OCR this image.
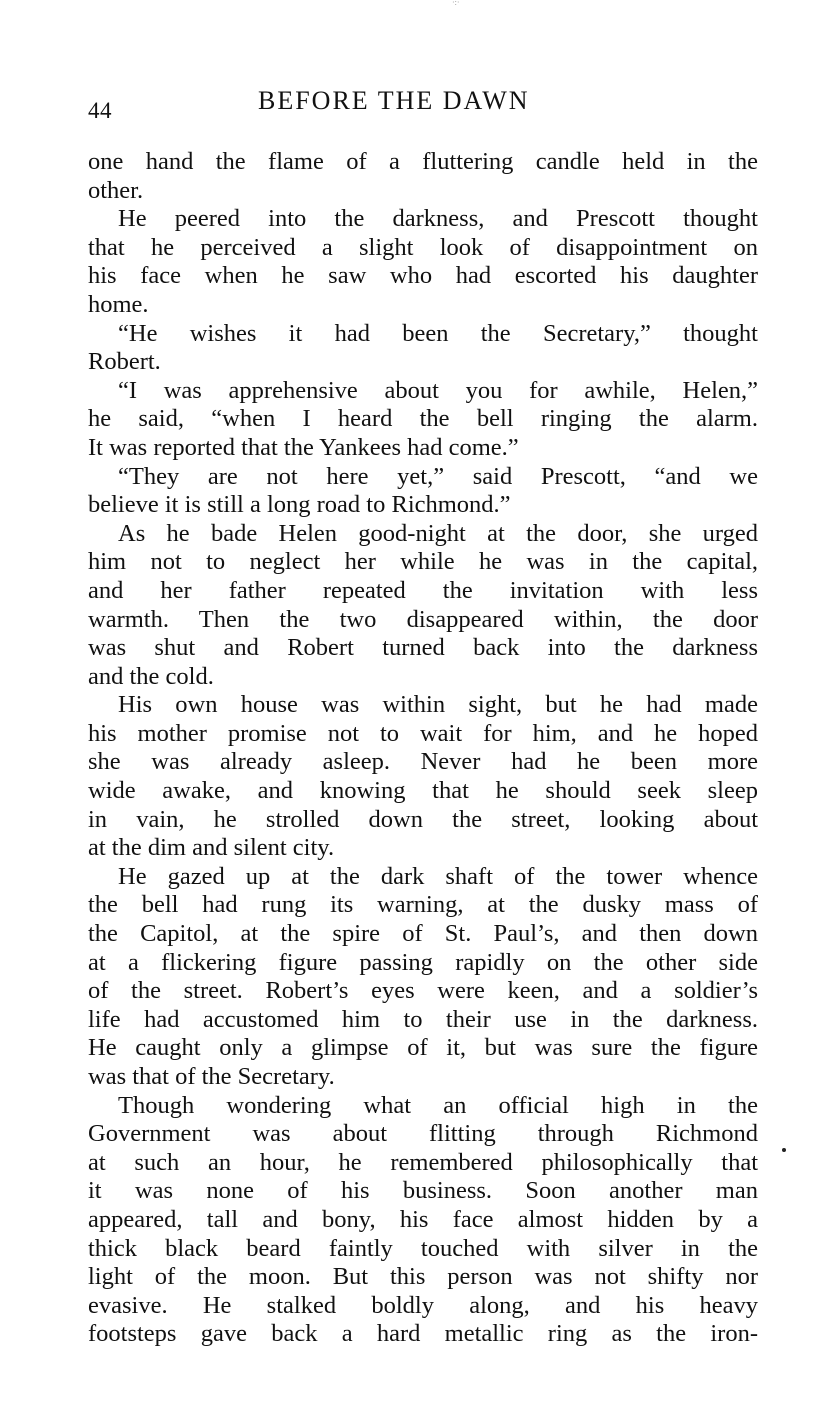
·:·
44	BEFORE THE DAWN
one hand the flame of a fluttering candle held in the
other.
He peered into the darkness, and Prescott thought
that he perceived a slight look of disappointment on
his face when he saw who had escorted his daughter
home.
“He wishes it had been the Secretary,” thought
Robert.
“I was apprehensive about you for awhile, Helen,”
he said, “when I heard the bell ringing the alarm.
It was reported that the Yankees had come.”
“They are not here yet,” said Prescott, “and we
believe it is still a long road to Richmond.”
As he bade Helen good-night at the door, she urged
him not to neglect her while he was in the capital,
and her father repeated the invitation with less
warmth. Then the two disappeared within, the door
was shut and Robert turned back into the darkness
and the cold.
His own house was within sight, but he had made
his mother promise not to wait for him, and he hoped
she was already asleep. Never had he been more
wide awake, and knowing that he should seek sleep
in vain, he strolled down the street, looking about
at the dim and silent city.
He gazed up at the dark shaft of the tower whence
the bell had rung its warning, at the dusky mass of
the Capitol, at the spire of St. Paul’s, and then down
at a flickering figure passing rapidly on the other side
of the street. Robert’s eyes were keen, and a soldier’s
life had accustomed him to their use in the darkness.
He caught only a glimpse of it, but was sure the figure
was that of the Secretary.
Though wondering what an official high in the
Government was about flitting through Richmond
at such an hour, he remembered philosophically that
it was none of his business. Soon another man
appeared, tall and bony, his face almost hidden by a
thick black beard faintly touched with silver in the
light of the moon. But this person was not shifty nor
evasive. He stalked boldly along, and his heavy
footsteps gave back a hard metallic ring as the iron-
